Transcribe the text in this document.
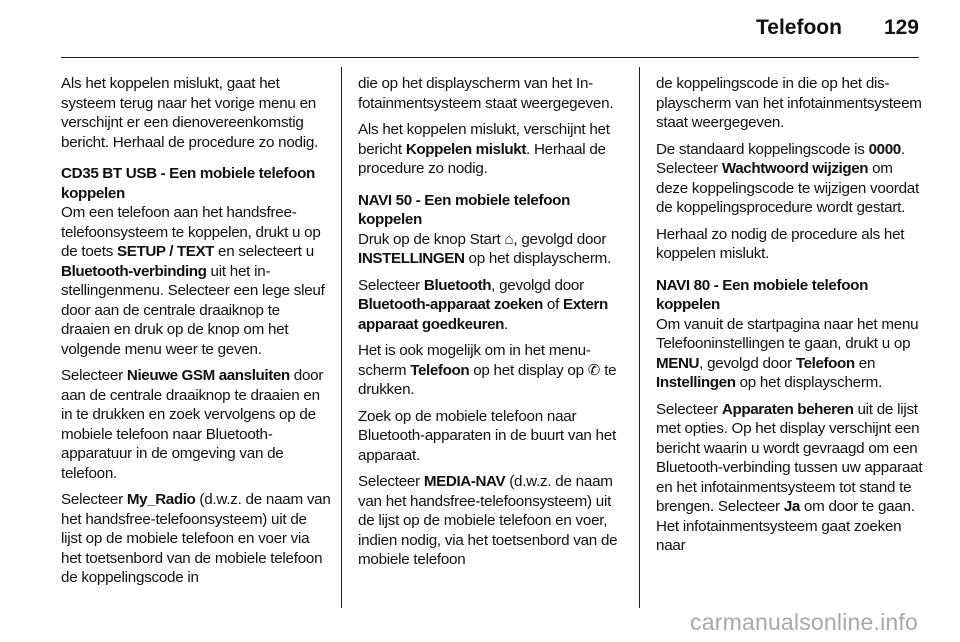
Telefoon 129

Als het koppelen mislukt, gaat het systeem terug naar het vorige menu en verschijnt er een dienovereenkomstig bericht. Herhaal de procedure zo nodig.

CD35 BT USB - Een mobiele telefoon koppelen

Om een telefoon aan het handsfree-telefoonsysteem te koppelen, drukt u op de toets SETUP / TEXT en selecteert u Bluetooth-verbinding uit het instellingenmenu. Selecteer een lege sleuf door aan de centrale draaiknop te draaien en druk op de knop om het volgende menu weer te geven.

Selecteer Nieuwe GSM aansluiten door aan de centrale draaiknop te draaien en in te drukken en zoek vervolgens op de mobiele telefoon naar Bluetooth-apparatuur in de omgeving van de telefoon.

Selecteer My_Radio (d.w.z. de naam van het handsfree-telefoonsysteem) uit de lijst op de mobiele telefoon en voer via het toetsenbord van de mobiele telefoon de koppelingscode in

die op het displayscherm van het Infotainmentsysteem staat weergegeven.

Als het koppelen mislukt, verschijnt het bericht Koppelen mislukt. Herhaal de procedure zo nodig.

NAVI 50 - Een mobiele telefoon koppelen

Druk op de knop Start ⌂, gevolgd door INSTELLINGEN op het displayscherm.

Selecteer Bluetooth, gevolgd door Bluetooth-apparaat zoeken of Extern apparaat goedkeuren.

Het is ook mogelijk om in het menuscherm Telefoon op het display op ✆ te drukken.

Zoek op de mobiele telefoon naar Bluetooth-apparaten in de buurt van het apparaat.

Selecteer MEDIA-NAV (d.w.z. de naam van het handsfree-telefoonsysteem) uit de lijst op de mobiele telefoon en voer, indien nodig, via het toetsenbord van de mobiele telefoon

de koppelingscode in die op het displayscherm van het infotainmentsysteem staat weergegeven.

De standaard koppelingscode is 0000. Selecteer Wachtwoord wijzigen om deze koppelingscode te wijzigen voordat de koppelingsprocedure wordt gestart.

Herhaal zo nodig de procedure als het koppelen mislukt.

NAVI 80 - Een mobiele telefoon koppelen

Om vanuit de startpagina naar het menu Telefooninstellingen te gaan, drukt u op MENU, gevolgd door Telefoon en Instellingen op het displayscherm.

Selecteer Apparaten beheren uit de lijst met opties. Op het display verschijnt een bericht waarin u wordt gevraagd om een Bluetooth-verbinding tussen uw apparaat en het infotainmentsysteem tot stand te brengen. Selecteer Ja om door te gaan. Het infotainmentsysteem gaat zoeken naar

carmanualsonline.info
